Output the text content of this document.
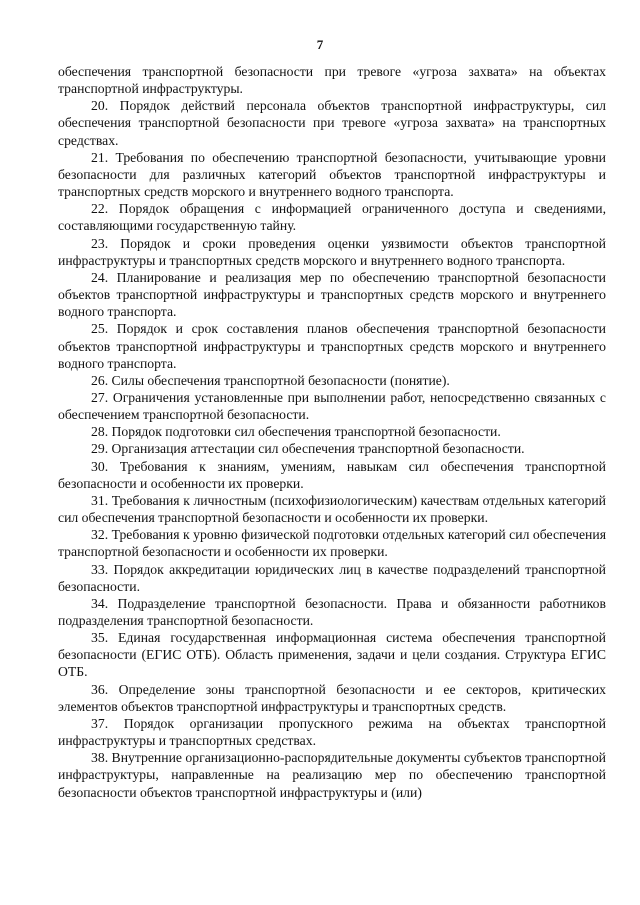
7

обеспечения транспортной безопасности при тревоге «угроза захвата» на объектах транспортной инфраструктуры.

20. Порядок действий персонала объектов транспортной инфраструктуры, сил обеспечения транспортной безопасности при тревоге «угроза захвата» на транспортных средствах.

21. Требования по обеспечению транспортной безопасности, учитывающие уровни безопасности для различных категорий объектов транспортной инфраструктуры и транспортных средств морского и внутреннего водного транспорта.

22. Порядок обращения с информацией ограниченного доступа и сведениями, составляющими государственную тайну.

23. Порядок и сроки проведения оценки уязвимости объектов транспортной инфраструктуры и транспортных средств морского и внутреннего водного транспорта.

24. Планирование и реализация мер по обеспечению транспортной безопасности объектов транспортной инфраструктуры и транспортных средств морского и внутреннего водного транспорта.

25. Порядок и срок составления планов обеспечения транспортной безопасности объектов транспортной инфраструктуры и транспортных средств морского и внутреннего водного транспорта.

26. Силы обеспечения транспортной безопасности (понятие).

27. Ограничения установленные при выполнении работ, непосредственно связанных с обеспечением транспортной безопасности.

28. Порядок подготовки сил обеспечения транспортной безопасности.

29. Организация аттестации сил обеспечения транспортной безопасности.

30. Требования к знаниям, умениям, навыкам сил обеспечения транспортной безопасности и особенности их проверки.

31. Требования к личностным (психофизиологическим) качествам отдельных категорий сил обеспечения транспортной безопасности и особенности их проверки.

32. Требования к уровню физической подготовки отдельных категорий сил обеспечения транспортной безопасности и особенности их проверки.

33. Порядок аккредитации юридических лиц в качестве подразделений транспортной безопасности.

34. Подразделение транспортной безопасности. Права и обязанности работников подразделения транспортной безопасности.

35. Единая государственная информационная система обеспечения транспортной безопасности (ЕГИС ОТБ). Область применения, задачи и цели создания. Структура ЕГИС ОТБ.

36. Определение зоны транспортной безопасности и ее секторов, критических элементов объектов транспортной инфраструктуры и транспортных средств.

37. Порядок организации пропускного режима на объектах транспортной инфраструктуры и транспортных средствах.

38. Внутренние организационно-распорядительные документы субъектов транспортной инфраструктуры, направленные на реализацию мер по обеспечению транспортной безопасности объектов транспортной инфраструктуры и (или)
